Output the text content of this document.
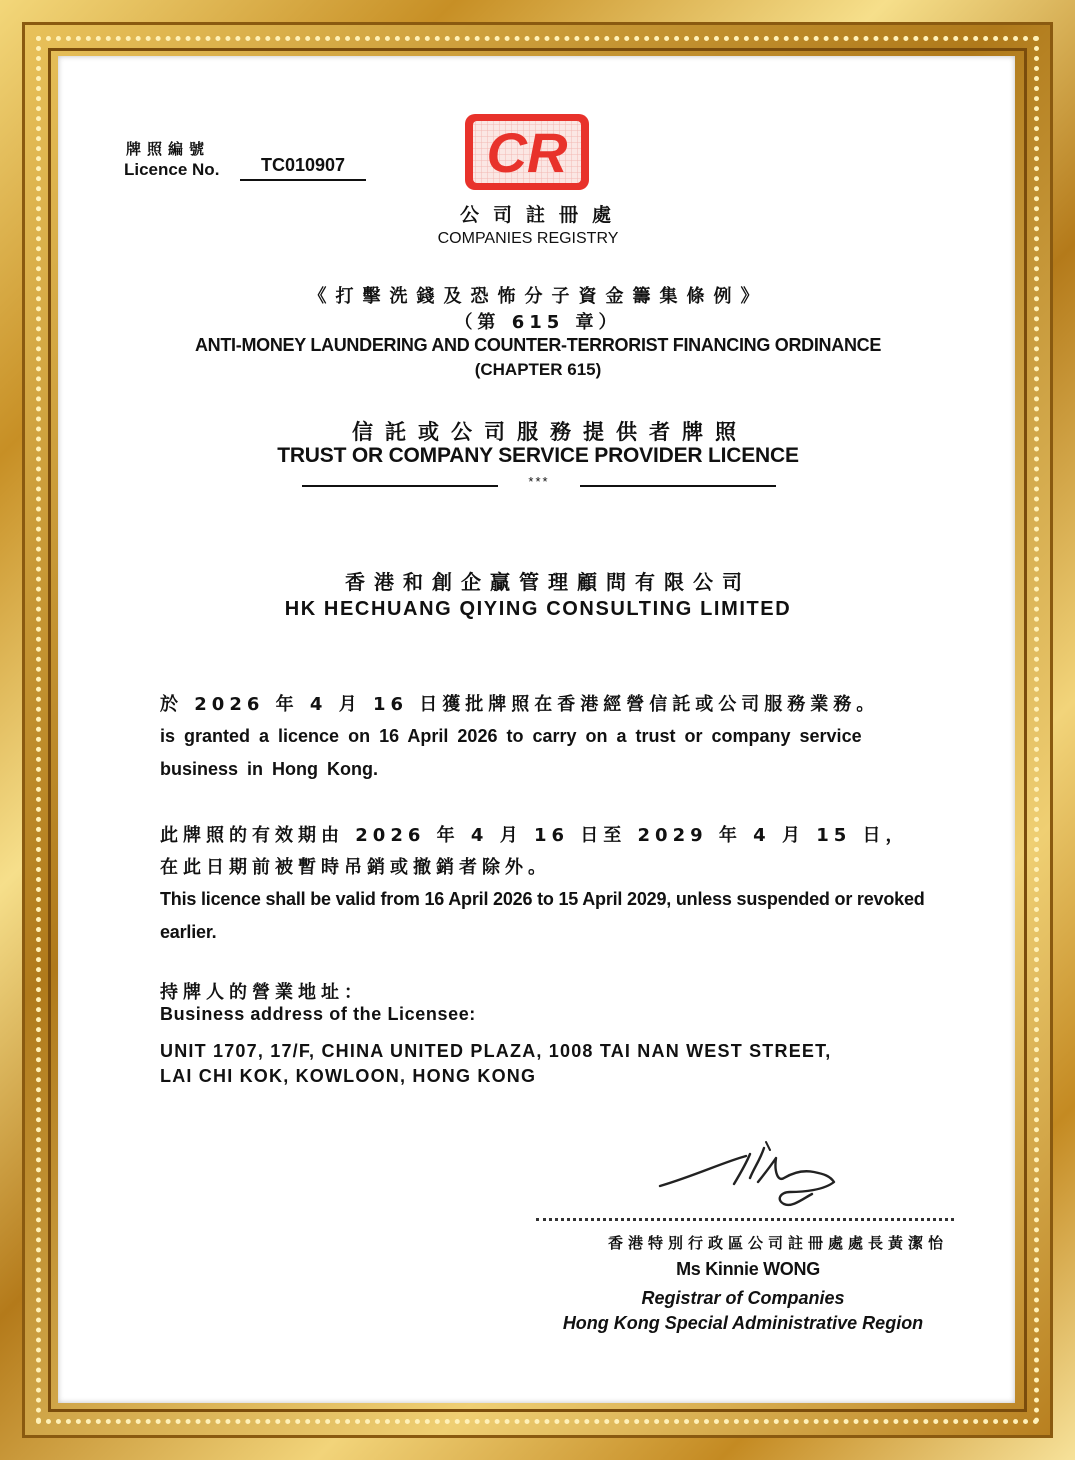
牌照編號
Licence No.	TC010907	CR
公司註冊處
COMPANIES REGISTRY
《打擊洗錢及恐怖分子資金籌集條例》
（第 615 章）
ANTI-MONEY LAUNDERING AND COUNTER-TERRORIST FINANCING ORDINANCE
(CHAPTER 615)
信託或公司服務提供者牌照
TRUST OR COMPANY SERVICE PROVIDER LICENCE
***
香港和創企贏管理顧問有限公司
HK HECHUANG QIYING CONSULTING LIMITED
於 2026 年 4 月 16 日獲批牌照在香港經營信託或公司服務業務。
is granted a licence on 16 April 2026 to carry on a trust or company service business in Hong Kong.
此牌照的有效期由 2026 年 4 月 16 日至 2029 年 4 月 15 日，在此日期前被暫時吊銷或撤銷者除外。
This licence shall be valid from 16 April 2026 to 15 April 2029, unless suspended or revoked earlier.
持牌人的營業地址：
Business address of the Licensee:
UNIT 1707, 17/F, CHINA UNITED PLAZA, 1008 TAI NAN WEST STREET,
LAI CHI KOK, KOWLOON, HONG KONG
香港特別行政區公司註冊處處長黃潔怡
Ms Kinnie WONG
Registrar of Companies
Hong Kong Special Administrative Region
